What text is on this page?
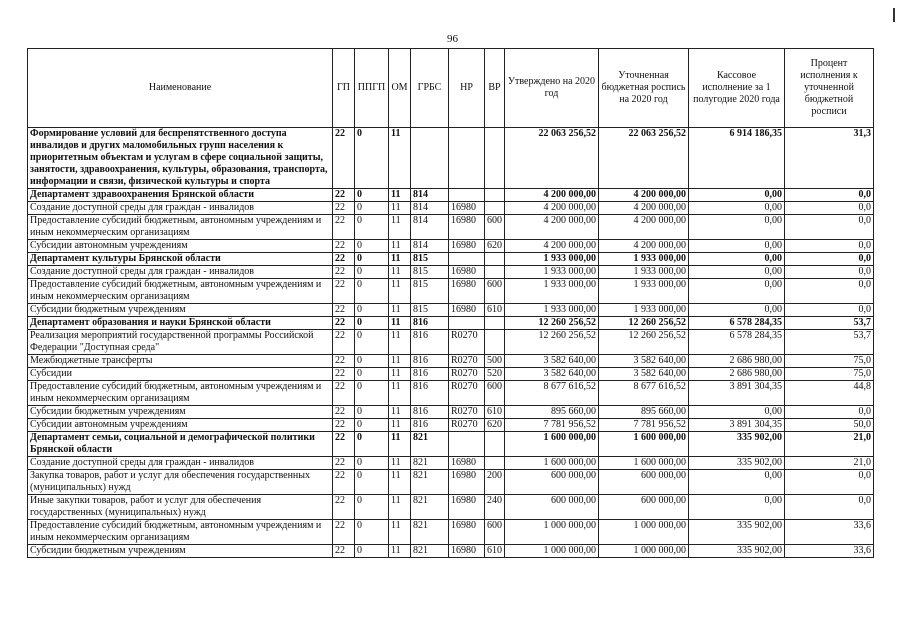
96
Наименование	ГП	ППГП	ОМ	ГРБС	НР	ВР	Утверждено на 2020 год	Уточненная бюджетная роспись на 2020 год	Кассовое исполнение за 1 полугодие 2020 года	Процент исполнения к уточненной бюджетной росписи
Формирование условий для беспрепятственного доступа инвалидов и других маломобильных групп населения к приоритетным объектам и услугам в сфере социальной защиты, занятости, здравоохранения, культуры, образования, транспорта, информации и связи, физической культуры и спорта	22	0	11				22 063 256,52	22 063 256,52	6 914 186,35	31,3
Департамент здравоохранения Брянской области	22	0	11	814			4 200 000,00	4 200 000,00	0,00	0,0
Создание доступной среды для граждан - инвалидов	22	0	11	814	16980		4 200 000,00	4 200 000,00	0,00	0,0
Предоставление субсидий бюджетным, автономным учреждениям и иным некоммерческим организациям	22	0	11	814	16980	600	4 200 000,00	4 200 000,00	0,00	0,0
Субсидии автономным учреждениям	22	0	11	814	16980	620	4 200 000,00	4 200 000,00	0,00	0,0
Департамент культуры Брянской области	22	0	11	815			1 933 000,00	1 933 000,00	0,00	0,0
Создание доступной среды для граждан - инвалидов	22	0	11	815	16980		1 933 000,00	1 933 000,00	0,00	0,0
Предоставление субсидий бюджетным, автономным учреждениям и иным некоммерческим организациям	22	0	11	815	16980	600	1 933 000,00	1 933 000,00	0,00	0,0
Субсидии бюджетным учреждениям	22	0	11	815	16980	610	1 933 000,00	1 933 000,00	0,00	0,0
Департамент образования и науки Брянской области	22	0	11	816			12 260 256,52	12 260 256,52	6 578 284,35	53,7
Реализация мероприятий государственной программы Российской Федерации "Доступная среда"	22	0	11	816	R0270		12 260 256,52	12 260 256,52	6 578 284,35	53,7
Межбюджетные трансферты	22	0	11	816	R0270	500	3 582 640,00	3 582 640,00	2 686 980,00	75,0
Субсидии	22	0	11	816	R0270	520	3 582 640,00	3 582 640,00	2 686 980,00	75,0
Предоставление субсидий бюджетным, автономным учреждениям и иным некоммерческим организациям	22	0	11	816	R0270	600	8 677 616,52	8 677 616,52	3 891 304,35	44,8
Субсидии бюджетным учреждениям	22	0	11	816	R0270	610	895 660,00	895 660,00	0,00	0,0
Субсидии автономным учреждениям	22	0	11	816	R0270	620	7 781 956,52	7 781 956,52	3 891 304,35	50,0
Департамент семьи, социальной и демографической политики Брянской области	22	0	11	821			1 600 000,00	1 600 000,00	335 902,00	21,0
Создание доступной среды для граждан - инвалидов	22	0	11	821	16980		1 600 000,00	1 600 000,00	335 902,00	21,0
Закупка товаров, работ и услуг для обеспечения государственных (муниципальных) нужд	22	0	11	821	16980	200	600 000,00	600 000,00	0,00	0,0
Иные закупки товаров, работ и услуг для обеспечения государственных (муниципальных) нужд	22	0	11	821	16980	240	600 000,00	600 000,00	0,00	0,0
Предоставление субсидий бюджетным, автономным учреждениям и иным некоммерческим организациям	22	0	11	821	16980	600	1 000 000,00	1 000 000,00	335 902,00	33,6
Субсидии бюджетным учреждениям	22	0	11	821	16980	610	1 000 000,00	1 000 000,00	335 902,00	33,6
